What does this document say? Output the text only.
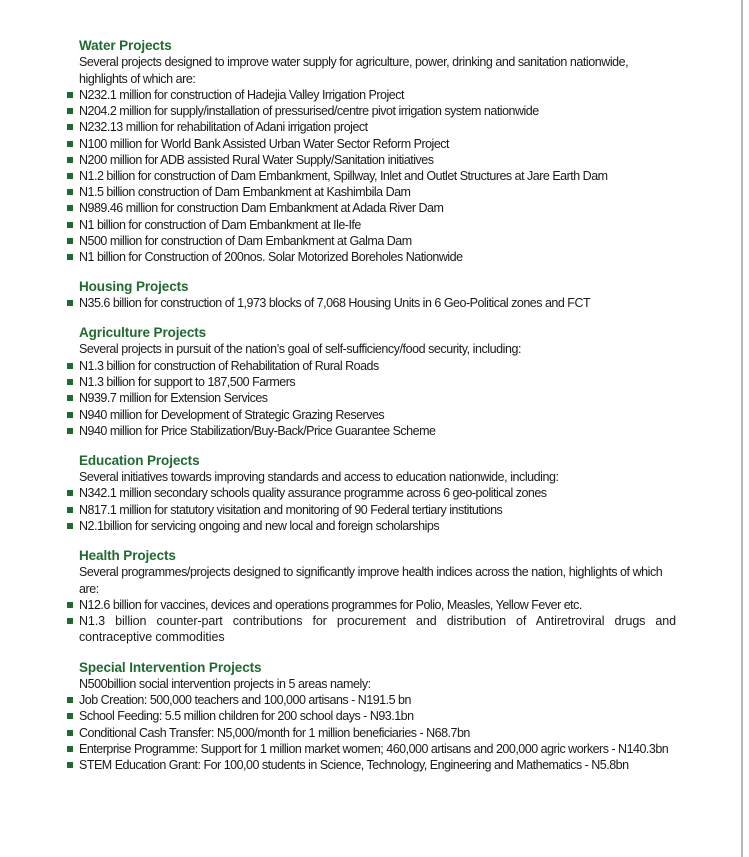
Water Projects
Several projects designed to improve water supply for agriculture, power, drinking and sanitation nationwide, highlights of which are:
N232.1 million for construction of Hadejia Valley Irrigation Project
N204.2 million for supply/installation of pressurised/centre pivot irrigation system nationwide
N232.13 million for rehabilitation of Adani irrigation project
N100 million for World Bank Assisted Urban Water Sector Reform Project
N200 million for ADB assisted Rural Water Supply/Sanitation initiatives
N1.2 billion for construction of Dam Embankment, Spillway, Inlet and Outlet Structures at Jare Earth Dam
N1.5 billion construction of Dam Embankment at Kashimbila Dam
N989.46 million for construction Dam Embankment at Adada River Dam
N1 billion for construction of Dam Embankment at Ile-Ife
N500 million for construction of Dam Embankment at Galma Dam
N1 billion for Construction of 200nos. Solar Motorized Boreholes Nationwide
Housing Projects
N35.6 billion for construction of 1,973 blocks of 7,068 Housing Units in 6 Geo-Political zones and FCT
Agriculture Projects
Several projects in pursuit of the nation’s goal of self-sufficiency/food security, including:
N1.3 billion for construction of Rehabilitation of Rural Roads
N1.3 billion for support to 187,500 Farmers
N939.7 million for Extension Services
N940 million for Development of Strategic Grazing Reserves
N940 million for Price Stabilization/Buy-Back/Price Guarantee Scheme
Education Projects
Several initiatives towards improving standards and access to education nationwide, including:
N342.1 million secondary schools quality assurance programme across 6 geo-political zones
N817.1 million for statutory visitation and monitoring of 90 Federal tertiary institutions
N2.1billion for servicing ongoing and new local and foreign scholarships
Health Projects
Several programmes/projects designed to significantly improve health indices across the nation, highlights of which are:
N12.6 billion for vaccines, devices and operations programmes for Polio, Measles, Yellow Fever etc.
N1.3 billion counter-part contributions for procurement and distribution of Antiretroviral drugs and contraceptive commodities
Special Intervention Projects
N500billion social intervention projects in 5 areas namely:
Job Creation: 500,000 teachers and 100,000 artisans - N191.5 bn
School Feeding: 5.5 million children for 200 school days - N93.1bn
Conditional Cash Transfer: N5,000/month for 1 million beneficiaries - N68.7bn
Enterprise Programme: Support for 1 million market women; 460,000 artisans and 200,000 agric workers - N140.3bn
STEM Education Grant: For 100,00 students in Science, Technology, Engineering and Mathematics - N5.8bn
